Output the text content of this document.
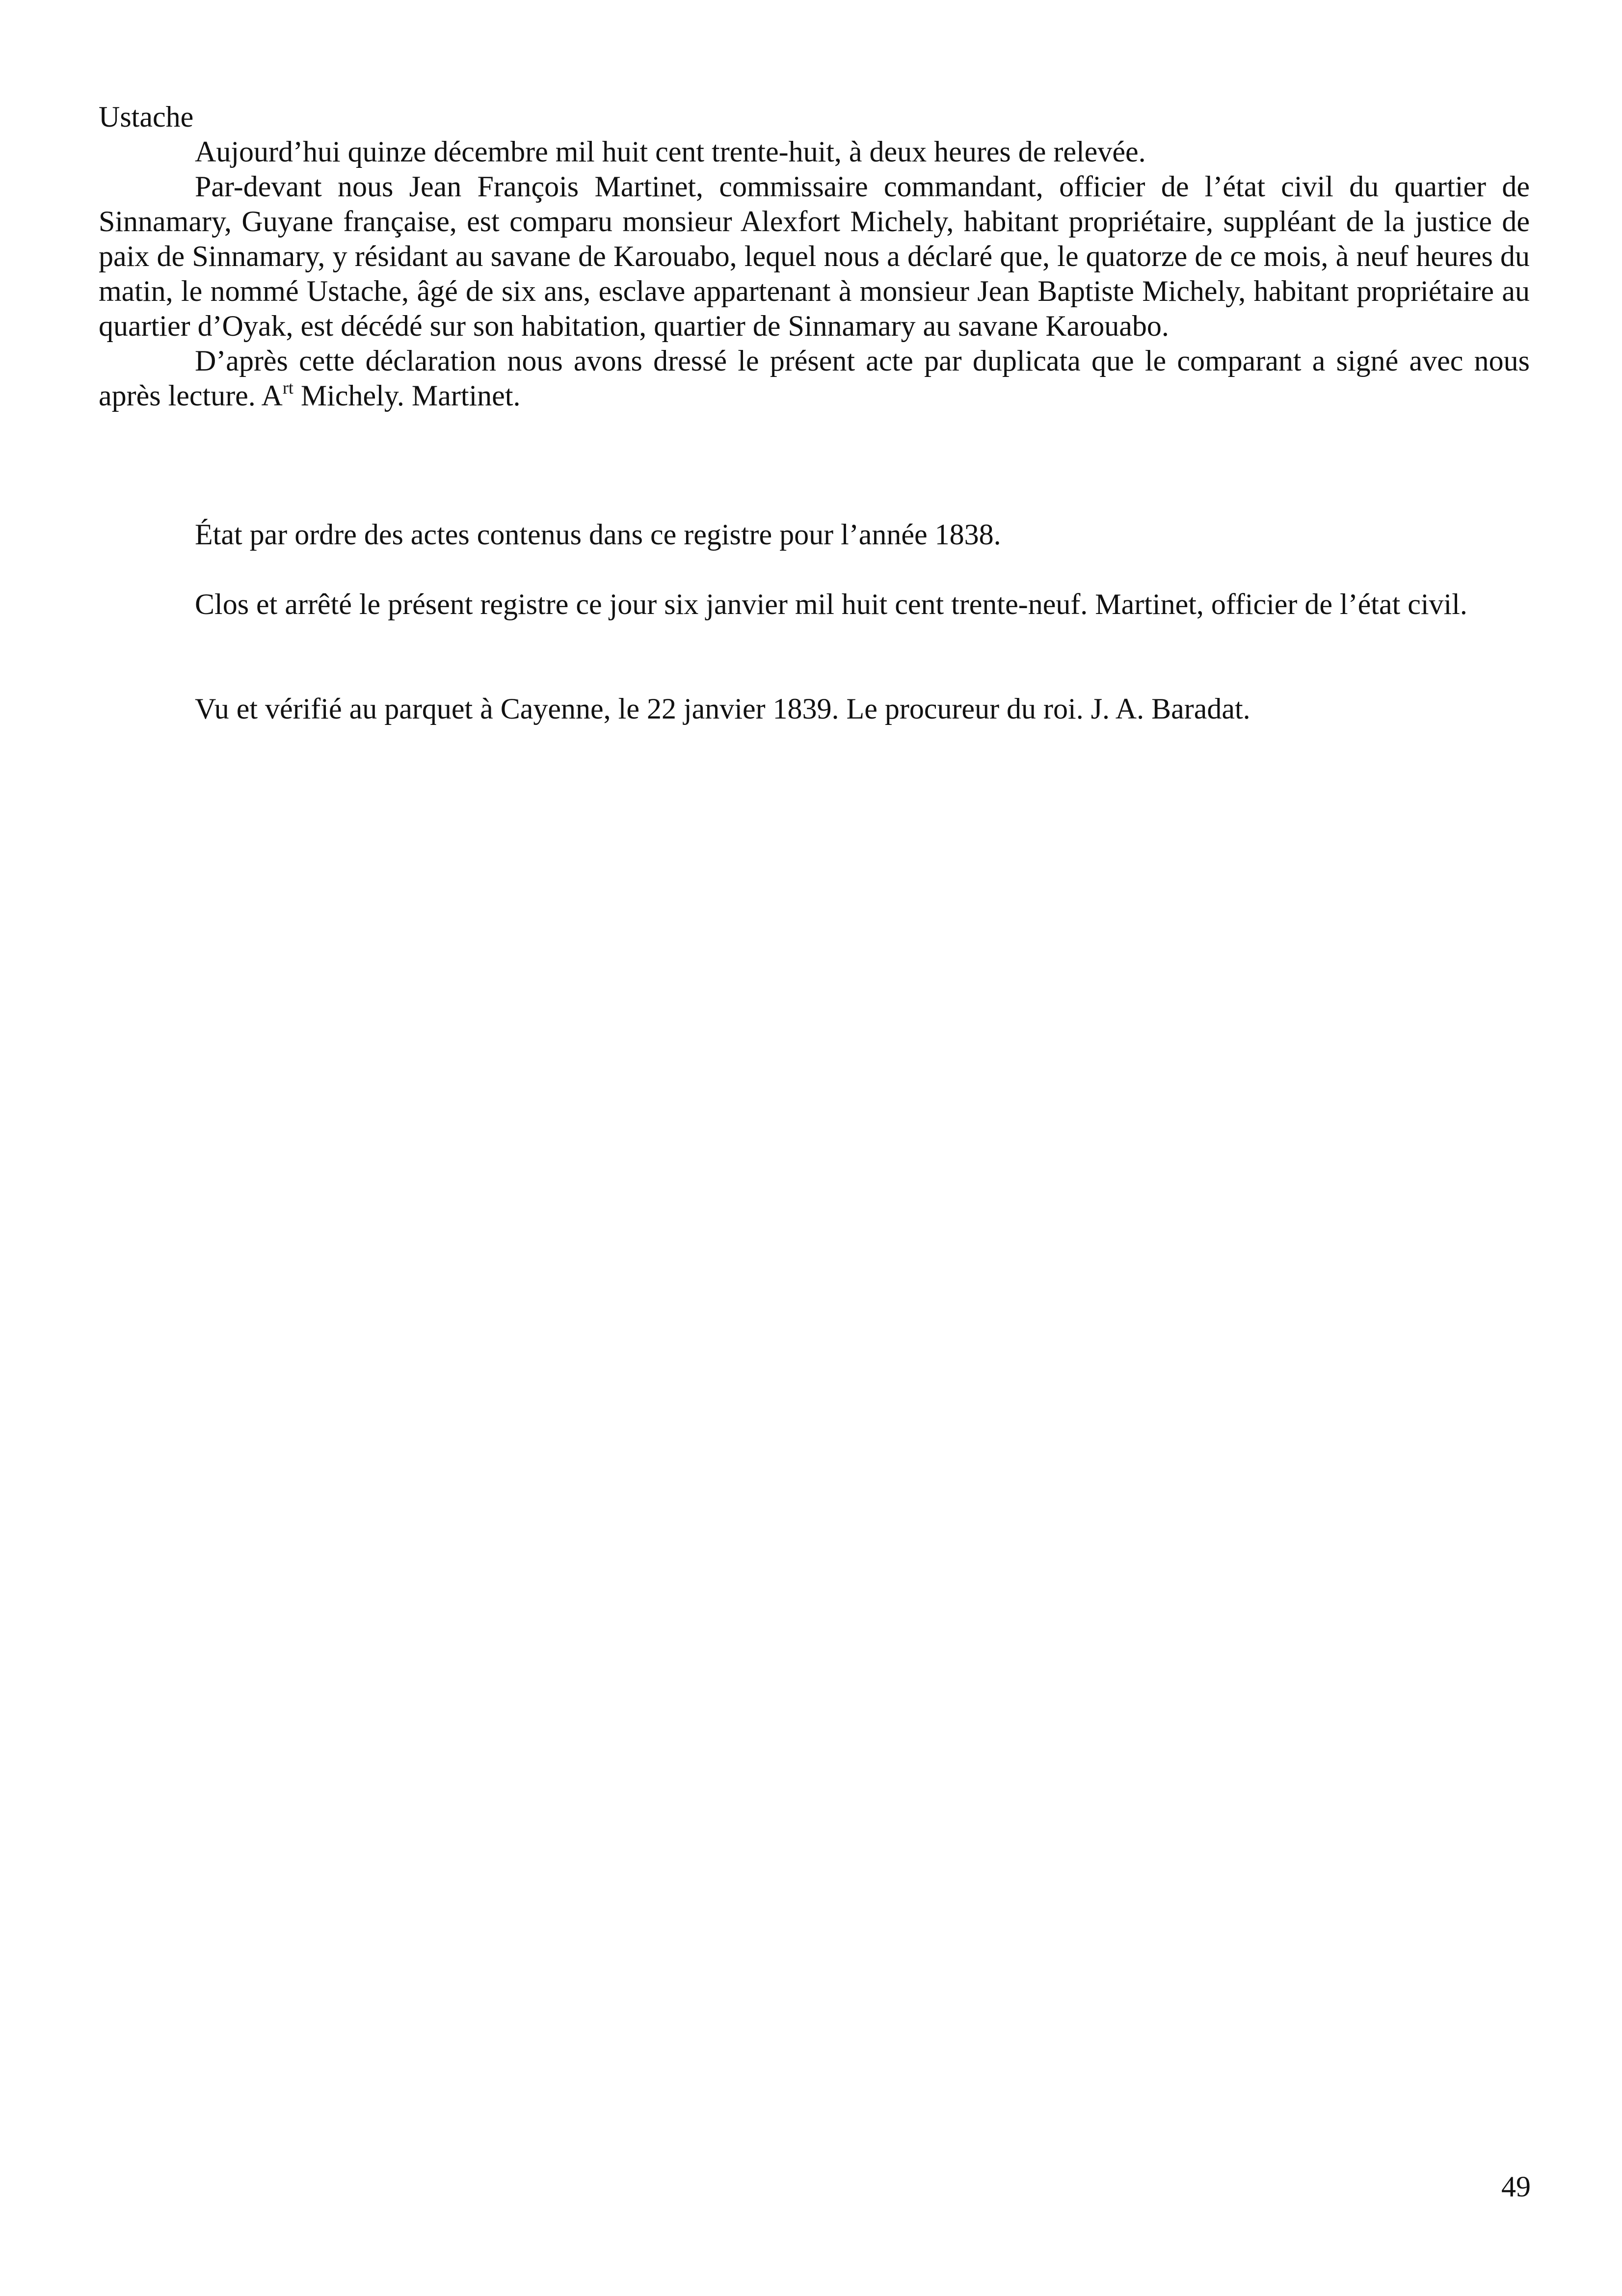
Ustache

Aujourd’hui quinze décembre mil huit cent trente-huit, à deux heures de relevée.

Par-devant nous Jean François Martinet, commissaire commandant, officier de l’état civil du quartier de Sinnamary, Guyane française, est comparu monsieur Alexfort Michely, habitant propriétaire, suppléant de la justice de paix de Sinnamary, y résidant au savane de Karouabo, lequel nous a déclaré que, le quatorze de ce mois, à neuf heures du matin, le nommé Ustache, âgé de six ans, esclave appartenant à monsieur Jean Baptiste Michely, habitant propriétaire au quartier d’Oyak, est décédé sur son habitation, quartier de Sinnamary au savane Karouabo.

D’après cette déclaration nous avons dressé le présent acte par duplicata que le comparant a signé avec nous après lecture. $A^{rt}$ Michely. Martinet.

État par ordre des actes contenus dans ce registre pour l’année 1838.

Clos et arrêté le présent registre ce jour six janvier mil huit cent trente-neuf. Martinet, officier de l’état civil.

Vu et vérifié au parquet à Cayenne, le 22 janvier 1839. Le procureur du roi. J. A. Baradat.

49
